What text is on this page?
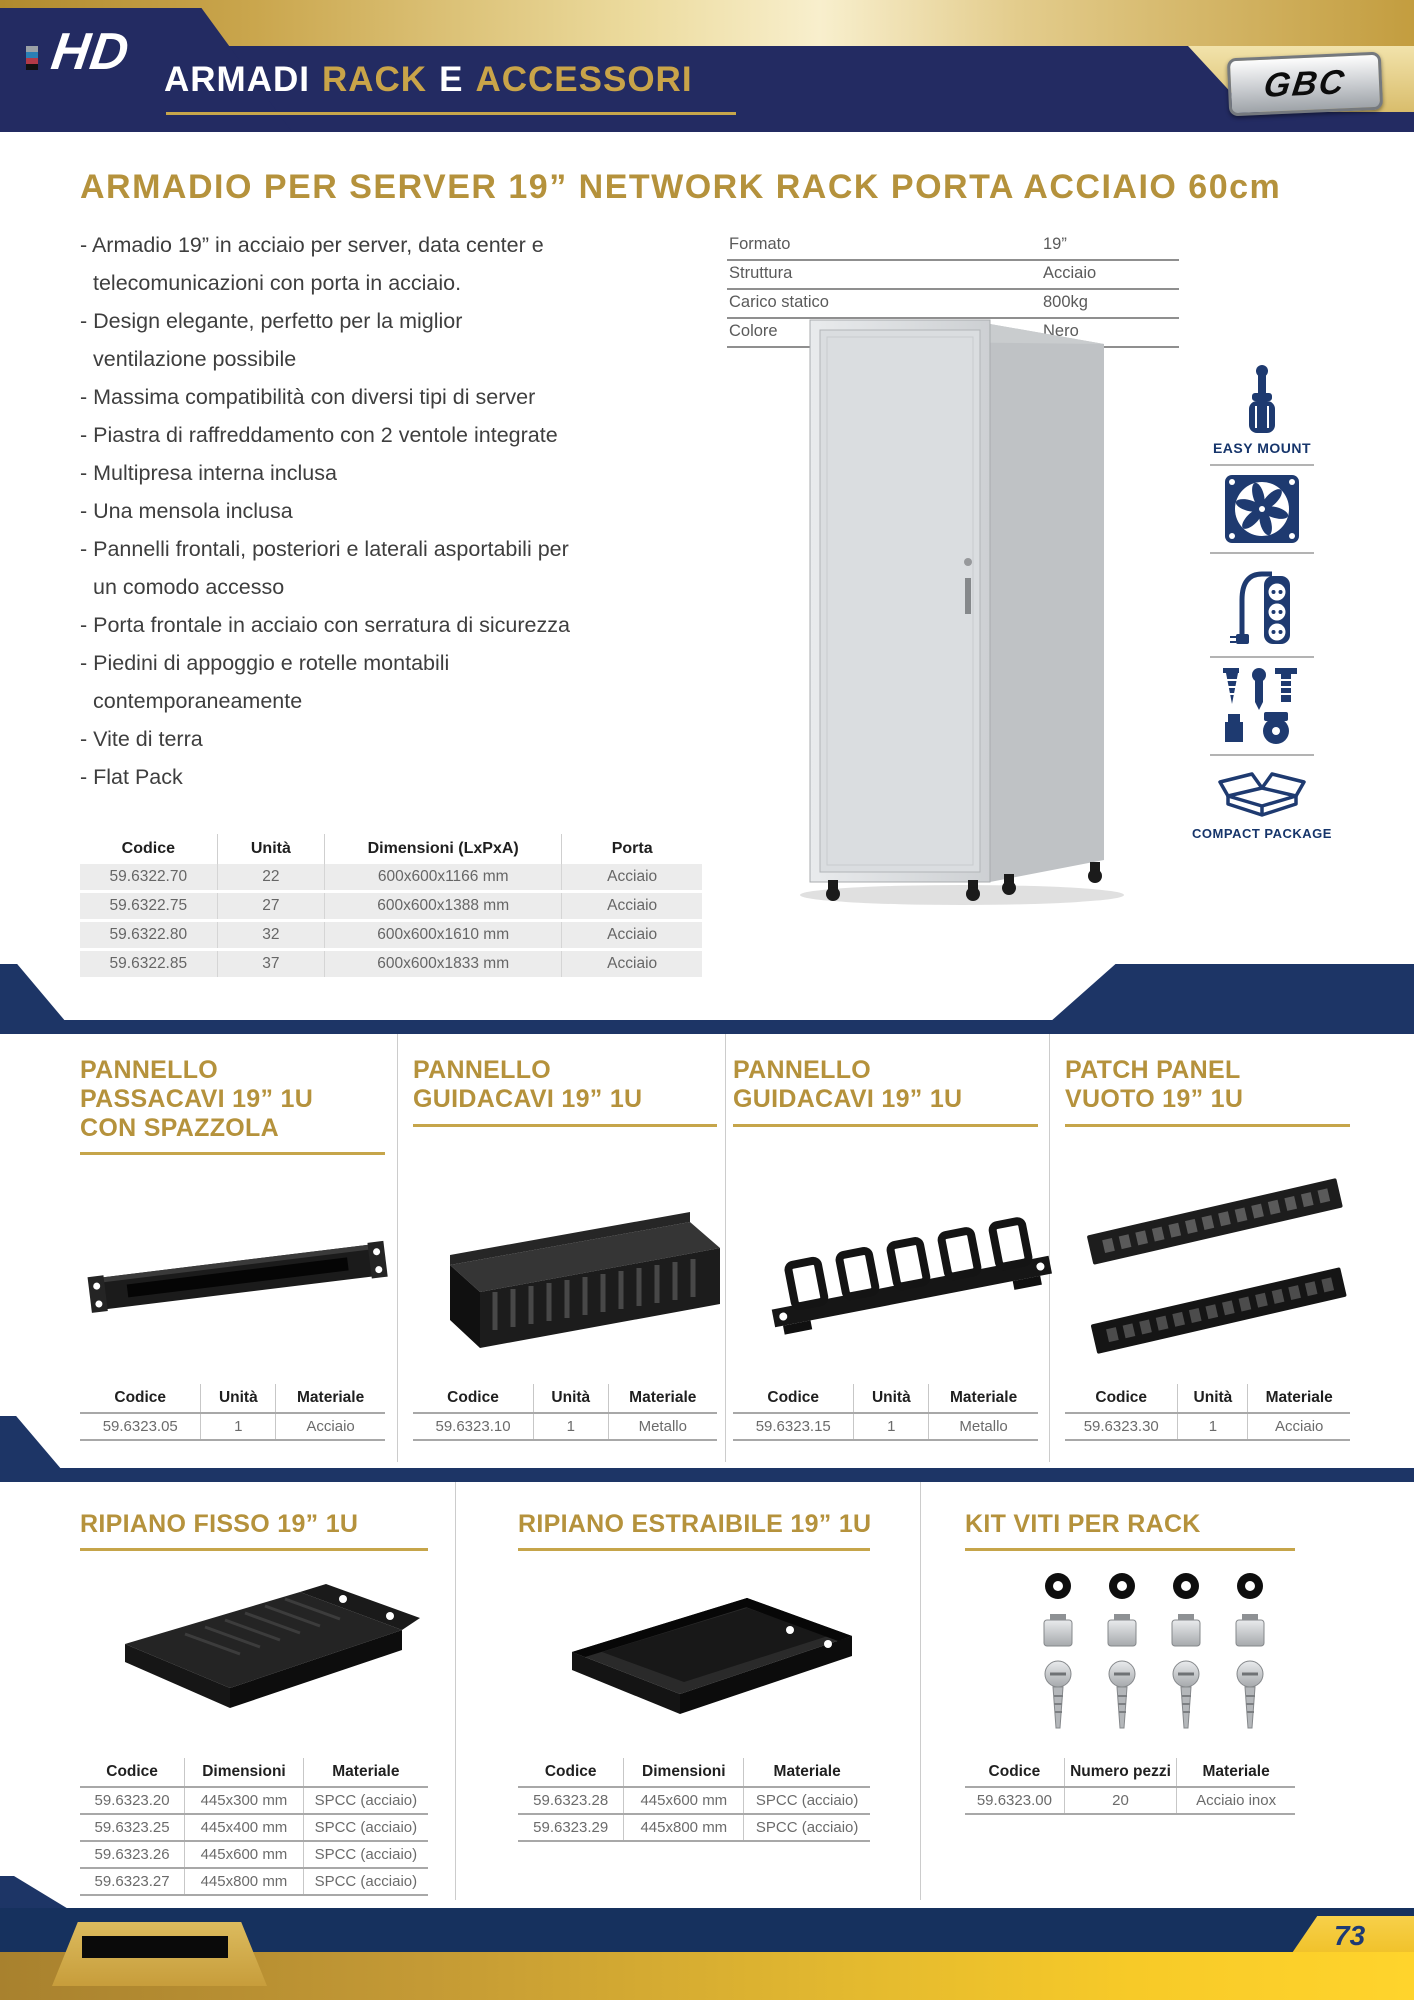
HD ARMADI RACK E ACCESSORI	GBC
ARMADIO PER SERVER 19” NETWORK RACK PORTA ACCIAIO 60cm
- Armadio 19” in acciaio per server, data center e
telecomunicazioni con porta in acciaio.
- Design elegante, perfetto per la miglior
ventilazione possibile
- Massima compatibilità con diversi tipi di server
- Piastra di raffreddamento con 2 ventole integrate
- Multipresa interna inclusa
- Una mensola inclusa
- Pannelli frontali, posteriori e laterali asportabili per
un comodo accesso
- Porta frontale in acciaio con serratura di sicurezza
- Piedini di appoggio e rotelle montabili
contemporaneamente
- Vite di terra
- Flat Pack
Formato	19”
Struttura	Acciaio
Carico statico	800kg
Colore	Nero
EASY MOUNT
COMPACT PACKAGE
Codice	Unità	Dimensioni (LxPxA)	Porta
59.6322.70	22	600x600x1166 mm	Acciaio
59.6322.75	27	600x600x1388 mm	Acciaio
59.6322.80	32	600x600x1610 mm	Acciaio
59.6322.85	37	600x600x1833 mm	Acciaio
PANNELLO
PASSACAVI 19” 1U
CON SPAZZOLA
PANNELLO
GUIDACAVI 19” 1U
PANNELLO
GUIDACAVI 19” 1U
PATCH PANEL
VUOTO 19” 1U
Codice	Unità	Materiale
59.6323.05	1	Acciaio
Codice	Unità	Materiale
59.6323.10	1	Metallo
Codice	Unità	Materiale
59.6323.15	1	Metallo
Codice	Unità	Materiale
59.6323.30	1	Acciaio
RIPIANO FISSO 19” 1U	RIPIANO ESTRAIBILE 19” 1U	KIT VITI PER RACK
Codice	Dimensioni	Materiale
59.6323.20	445x300 mm	SPCC (acciaio)
59.6323.25	445x400 mm	SPCC (acciaio)
59.6323.26	445x600 mm	SPCC (acciaio)
59.6323.27	445x800 mm	SPCC (acciaio)
Codice	Dimensioni	Materiale
59.6323.28	445x600 mm	SPCC (acciaio)
59.6323.29	445x800 mm	SPCC (acciaio)
Codice	Numero pezzi	Materiale
59.6323.00	20	Acciaio inox
73
